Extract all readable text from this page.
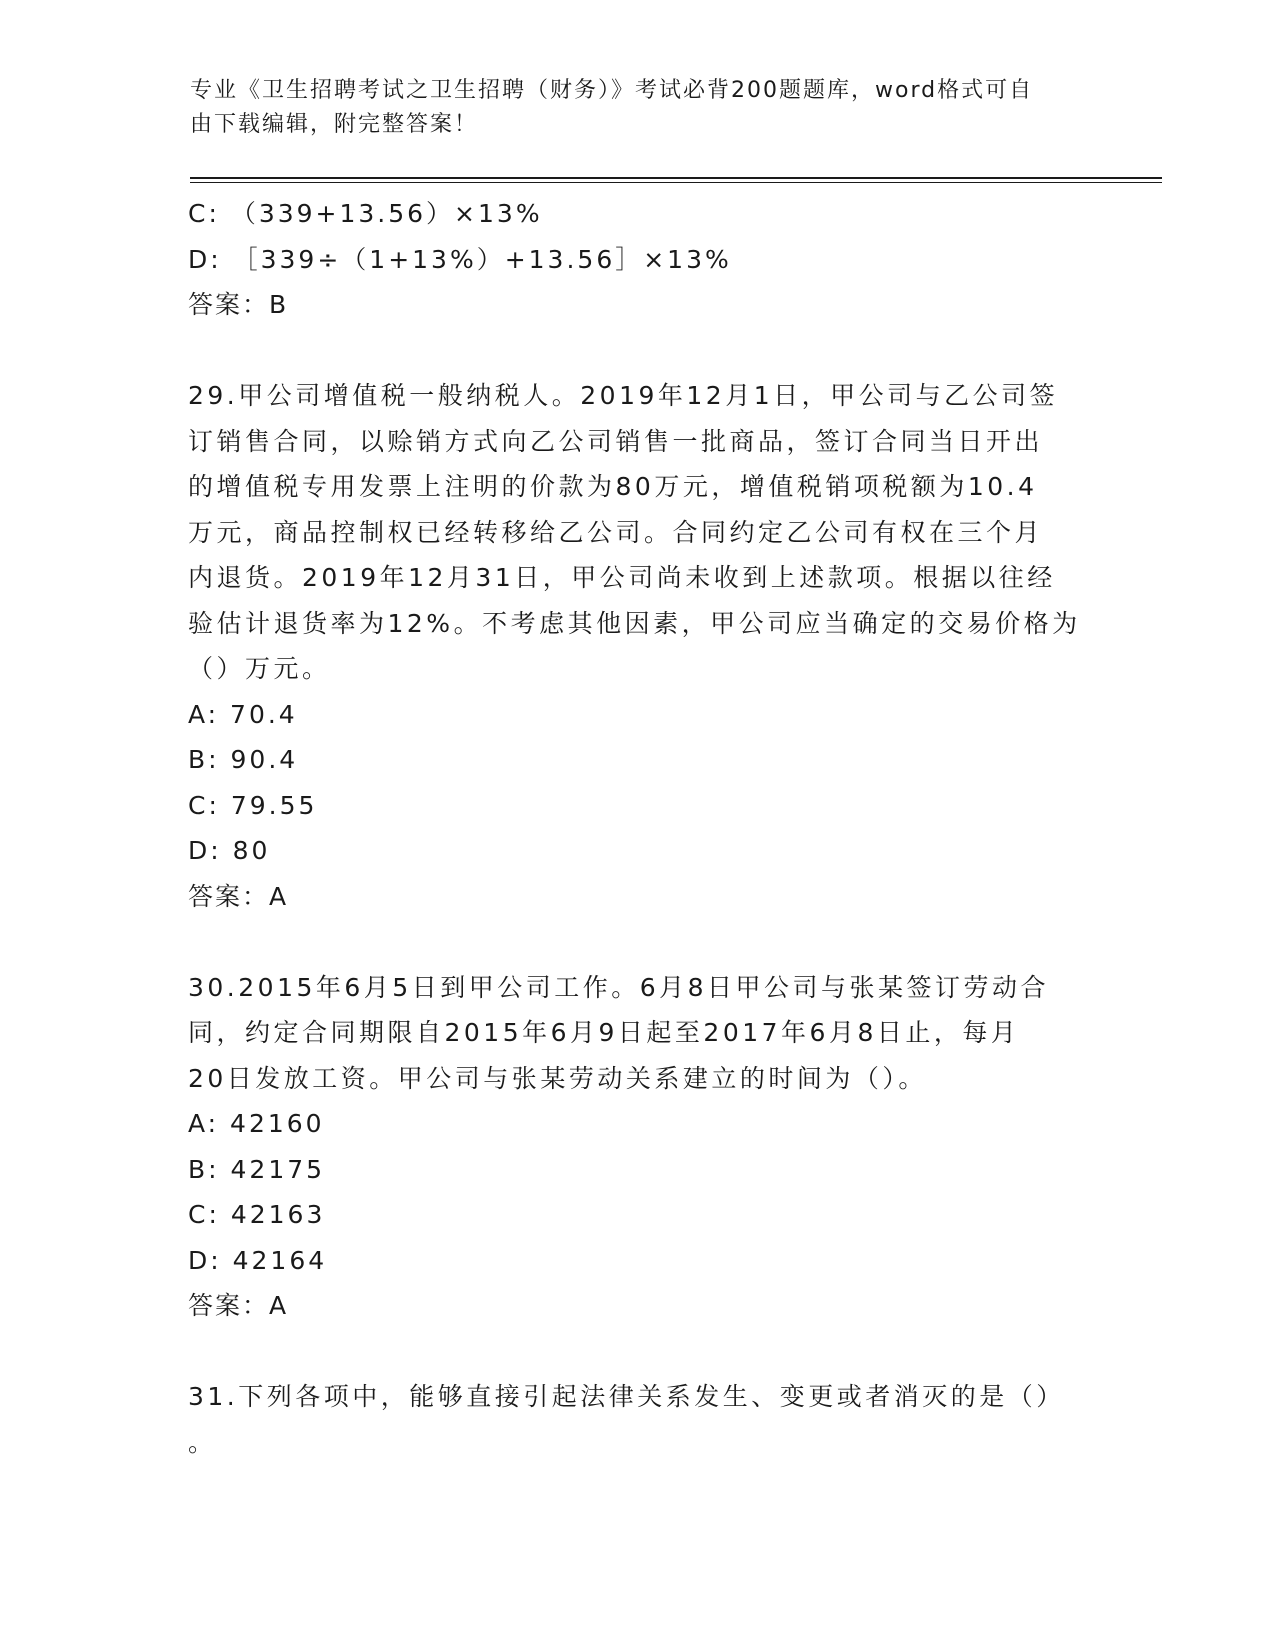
专业《卫生招聘考试之卫生招聘（财务）》考试必背200题题库，word格式可自
由下载编辑，附完整答案！
C: （339+13.56）×13%
D: ［339÷（1+13%）+13.56］×13%
答案：B
29.甲公司增值税一般纳税人。2019年12月1日，甲公司与乙公司签
订销售合同，以赊销方式向乙公司销售一批商品，签订合同当日开出
的增值税专用发票上注明的价款为80万元，增值税销项税额为10.4
万元，商品控制权已经转移给乙公司。合同约定乙公司有权在三个月
内退货。2019年12月31日，甲公司尚未收到上述款项。根据以往经
验估计退货率为12%。不考虑其他因素，甲公司应当确定的交易价格为
（）万元。
A: 70.4
B: 90.4
C: 79.55
D: 80
答案：A
30.2015年6月5日到甲公司工作。6月8日甲公司与张某签订劳动合
同，约定合同期限自2015年6月9日起至2017年6月8日止，每月
20日发放工资。甲公司与张某劳动关系建立的时间为（）。
A: 42160
B: 42175
C: 42163
D: 42164
答案：A
31.下列各项中，能够直接引起法律关系发生、变更或者消灭的是（）
。
